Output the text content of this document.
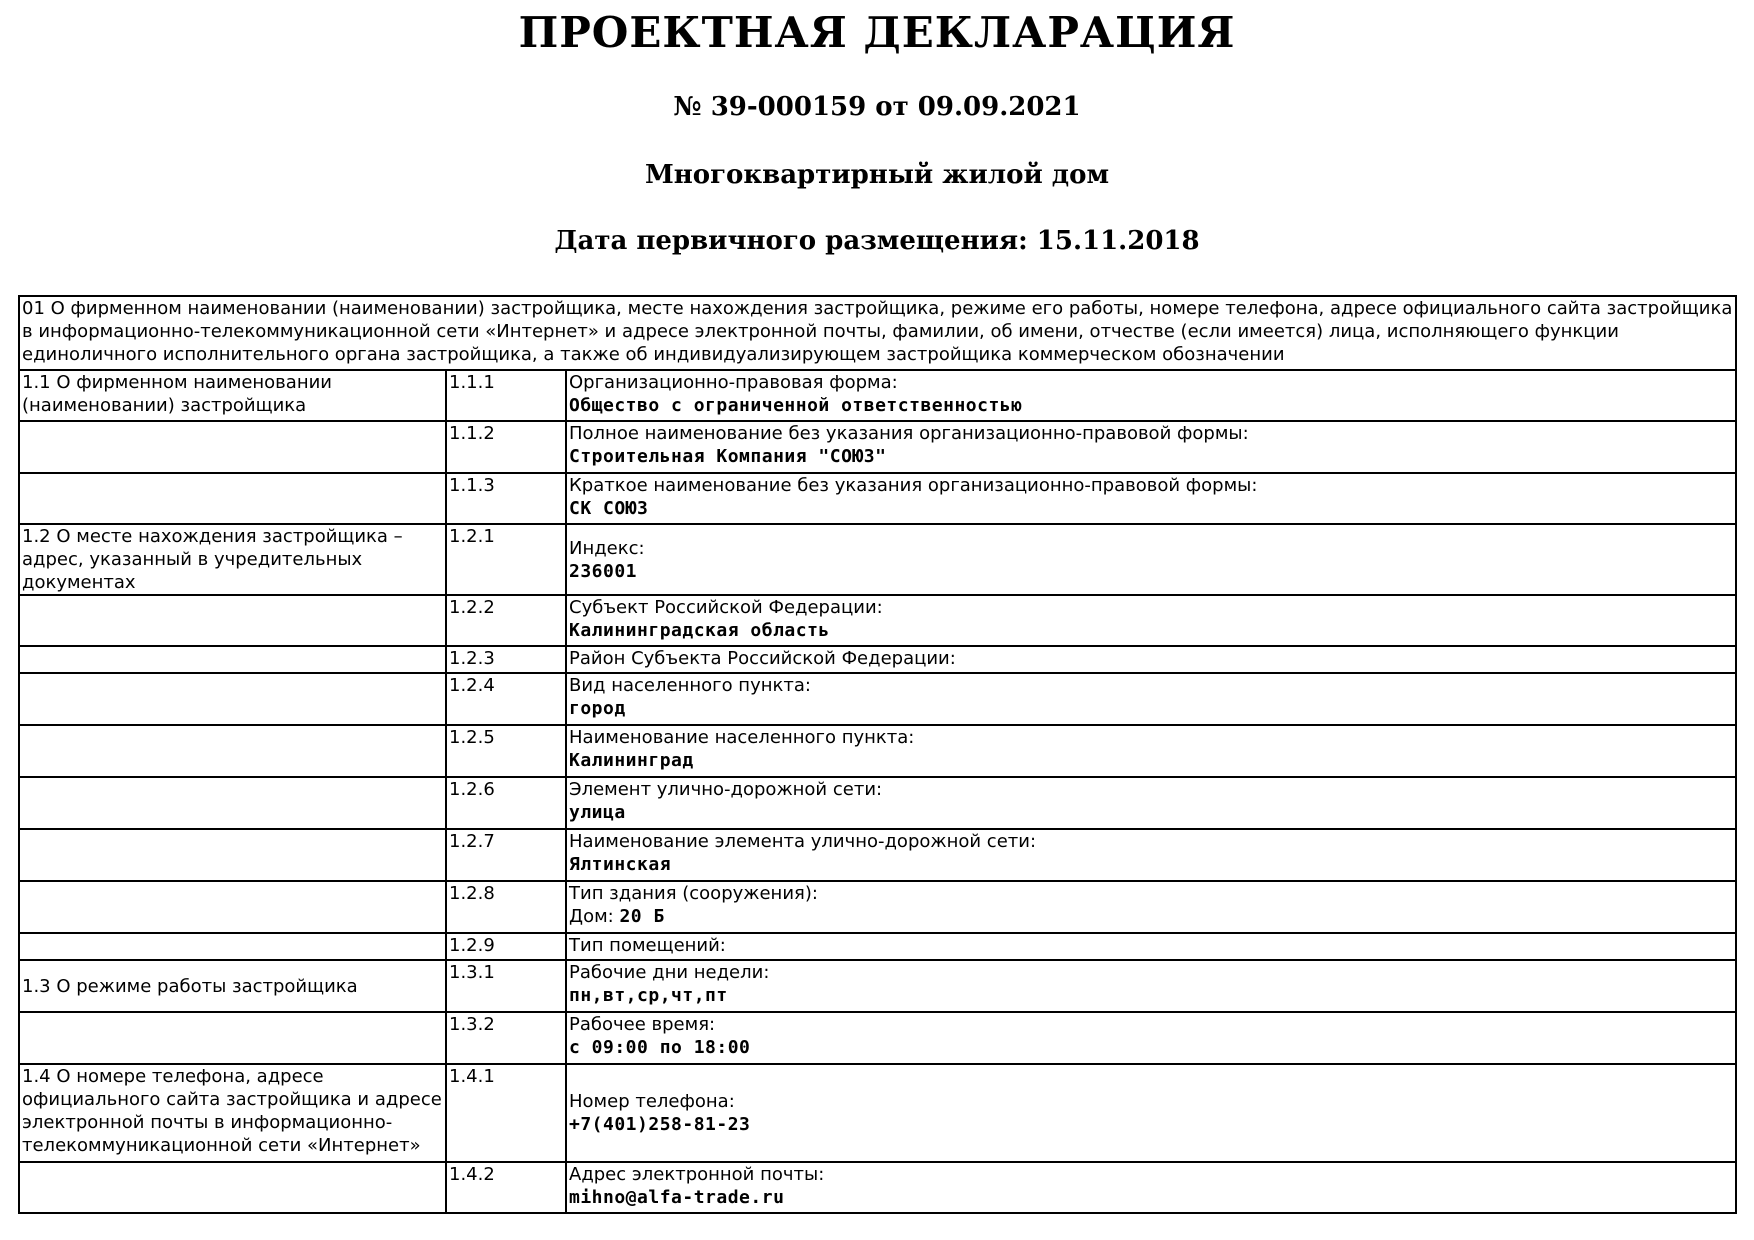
ПРОЕКТНАЯ ДЕКЛАРАЦИЯ
№ 39-000159 от 09.09.2021
Многоквартирный жилой дом
Дата первичного размещения: 15.11.2018
01 О фирменном наименовании (наименовании) застройщика, месте нахождения застройщика, режиме его работы, номере телефона, адресе официального сайта застройщика в информационно-телекоммуникационной сети «Интернет» и адресе электронной почты, фамилии, об имени, отчестве (если имеется) лица, исполняющего функции единоличного исполнительного органа застройщика, а также об индивидуализирующем застройщика коммерческом обозначении		
1.1 О фирменном наименовании (наименовании) застройщика	1.1.1	Организационно-правовая форма:
Общество с ограниченной ответственностью

	1.1.2	Полное наименование без указания организационно-правовой формы:
Строительная Компания "СОЮЗ"

	1.1.3	Краткое наименование без указания организационно-правовой формы:
СК СОЮЗ

1.2 О месте нахождения застройщика – адрес, указанный в учредительных документах	1.2.1	Индекс:
236001

	1.2.2	Субъект Российской Федерации:
Калининградская область

	1.2.3	Район Субъекта Российской Федерации:

	1.2.4	Вид населенного пункта:
город

	1.2.5	Наименование населенного пункта:
Калининград

	1.2.6	Элемент улично-дорожной сети:
улица

	1.2.7	Наименование элемента улично-дорожной сети:
Ялтинская

	1.2.8	Тип здания (сооружения):
Дом: 20 Б

	1.2.9	Тип помещений:

1.3 О режиме работы застройщика	1.3.1	Рабочие дни недели:
пн,вт,ср,чт,пт

	1.3.2	Рабочее время:
с 09:00 по 18:00

1.4 О номере телефона, адресе официального сайта застройщика и адресе электронной почты в информационно-телекоммуникационной сети «Интернет»	1.4.1	Номер телефона:
+7(401)258-81-23

	1.4.2	Адрес электронной почты:
mihno@alfa-trade.ru
